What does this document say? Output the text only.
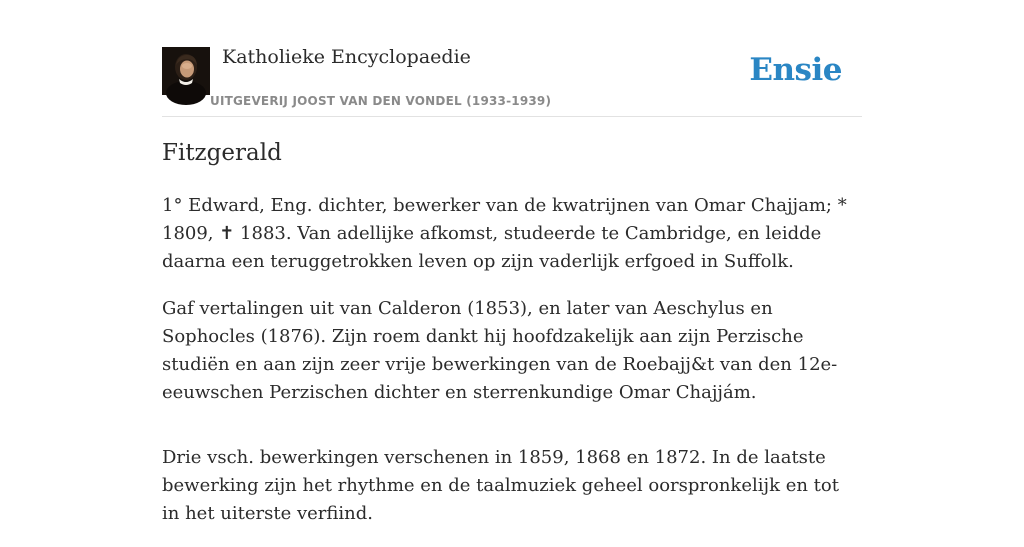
Katholieke Encyclopaedie
UITGEVERIJ JOOST VAN DEN VONDEL (1933-1939)
Ensie
Fitzgerald

1° Edward, Eng. dichter, bewerker van de kwatrijnen van Omar Chajjam; * 1809, ✝ 1883. Van adellijke afkomst, studeerde te Cambridge, en leidde daarna een teruggetrokken leven op zijn vaderlijk erfgoed in Suffolk.

Gaf vertalingen uit van Calderon (1853), en later van Aeschylus en Sophocles (1876). Zijn roem dankt hij hoofdzakelijk aan zijn Perzische studiën en aan zijn zeer vrije bewerkingen van de Roebajj&t van den 12e-eeuwschen Perzischen dichter en sterrenkundige Omar Chajjám.

Drie vsch. bewerkingen verschenen in 1859, 1868 en 1872. In de laatste bewerking zijn het rhythme en de taalmuziek geheel oorspronkelijk en tot in het uiterste verfiind.
